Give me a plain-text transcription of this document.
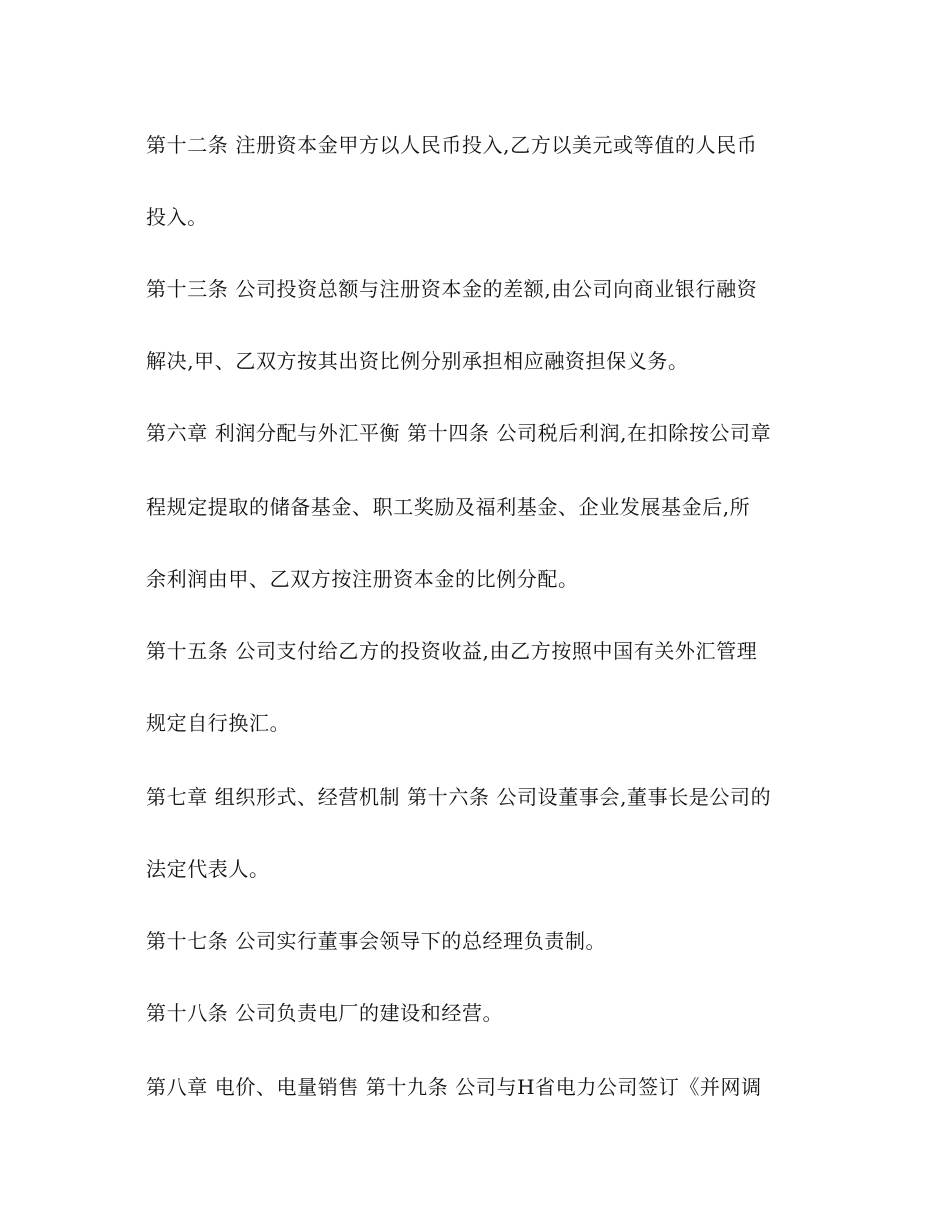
第十二条 注册资本金甲方以人民币投入,乙方以美元或等值的人民币
投入。
第十三条 公司投资总额与注册资本金的差额,由公司向商业银行融资
解决,甲、乙双方按其出资比例分别承担相应融资担保义务。
第六章 利润分配与外汇平衡 第十四条 公司税后利润,在扣除按公司章
程规定提取的储备基金、职工奖励及福利基金、企业发展基金后,所
余利润由甲、乙双方按注册资本金的比例分配。
第十五条 公司支付给乙方的投资收益,由乙方按照中国有关外汇管理
规定自行换汇。
第七章 组织形式、经营机制 第十六条 公司设董事会,董事长是公司的
法定代表人。
第十七条 公司实行董事会领导下的总经理负责制。
第十八条 公司负责电厂的建设和经营。
第八章 电价、电量销售 第十九条 公司与H省电力公司签订《并网调
